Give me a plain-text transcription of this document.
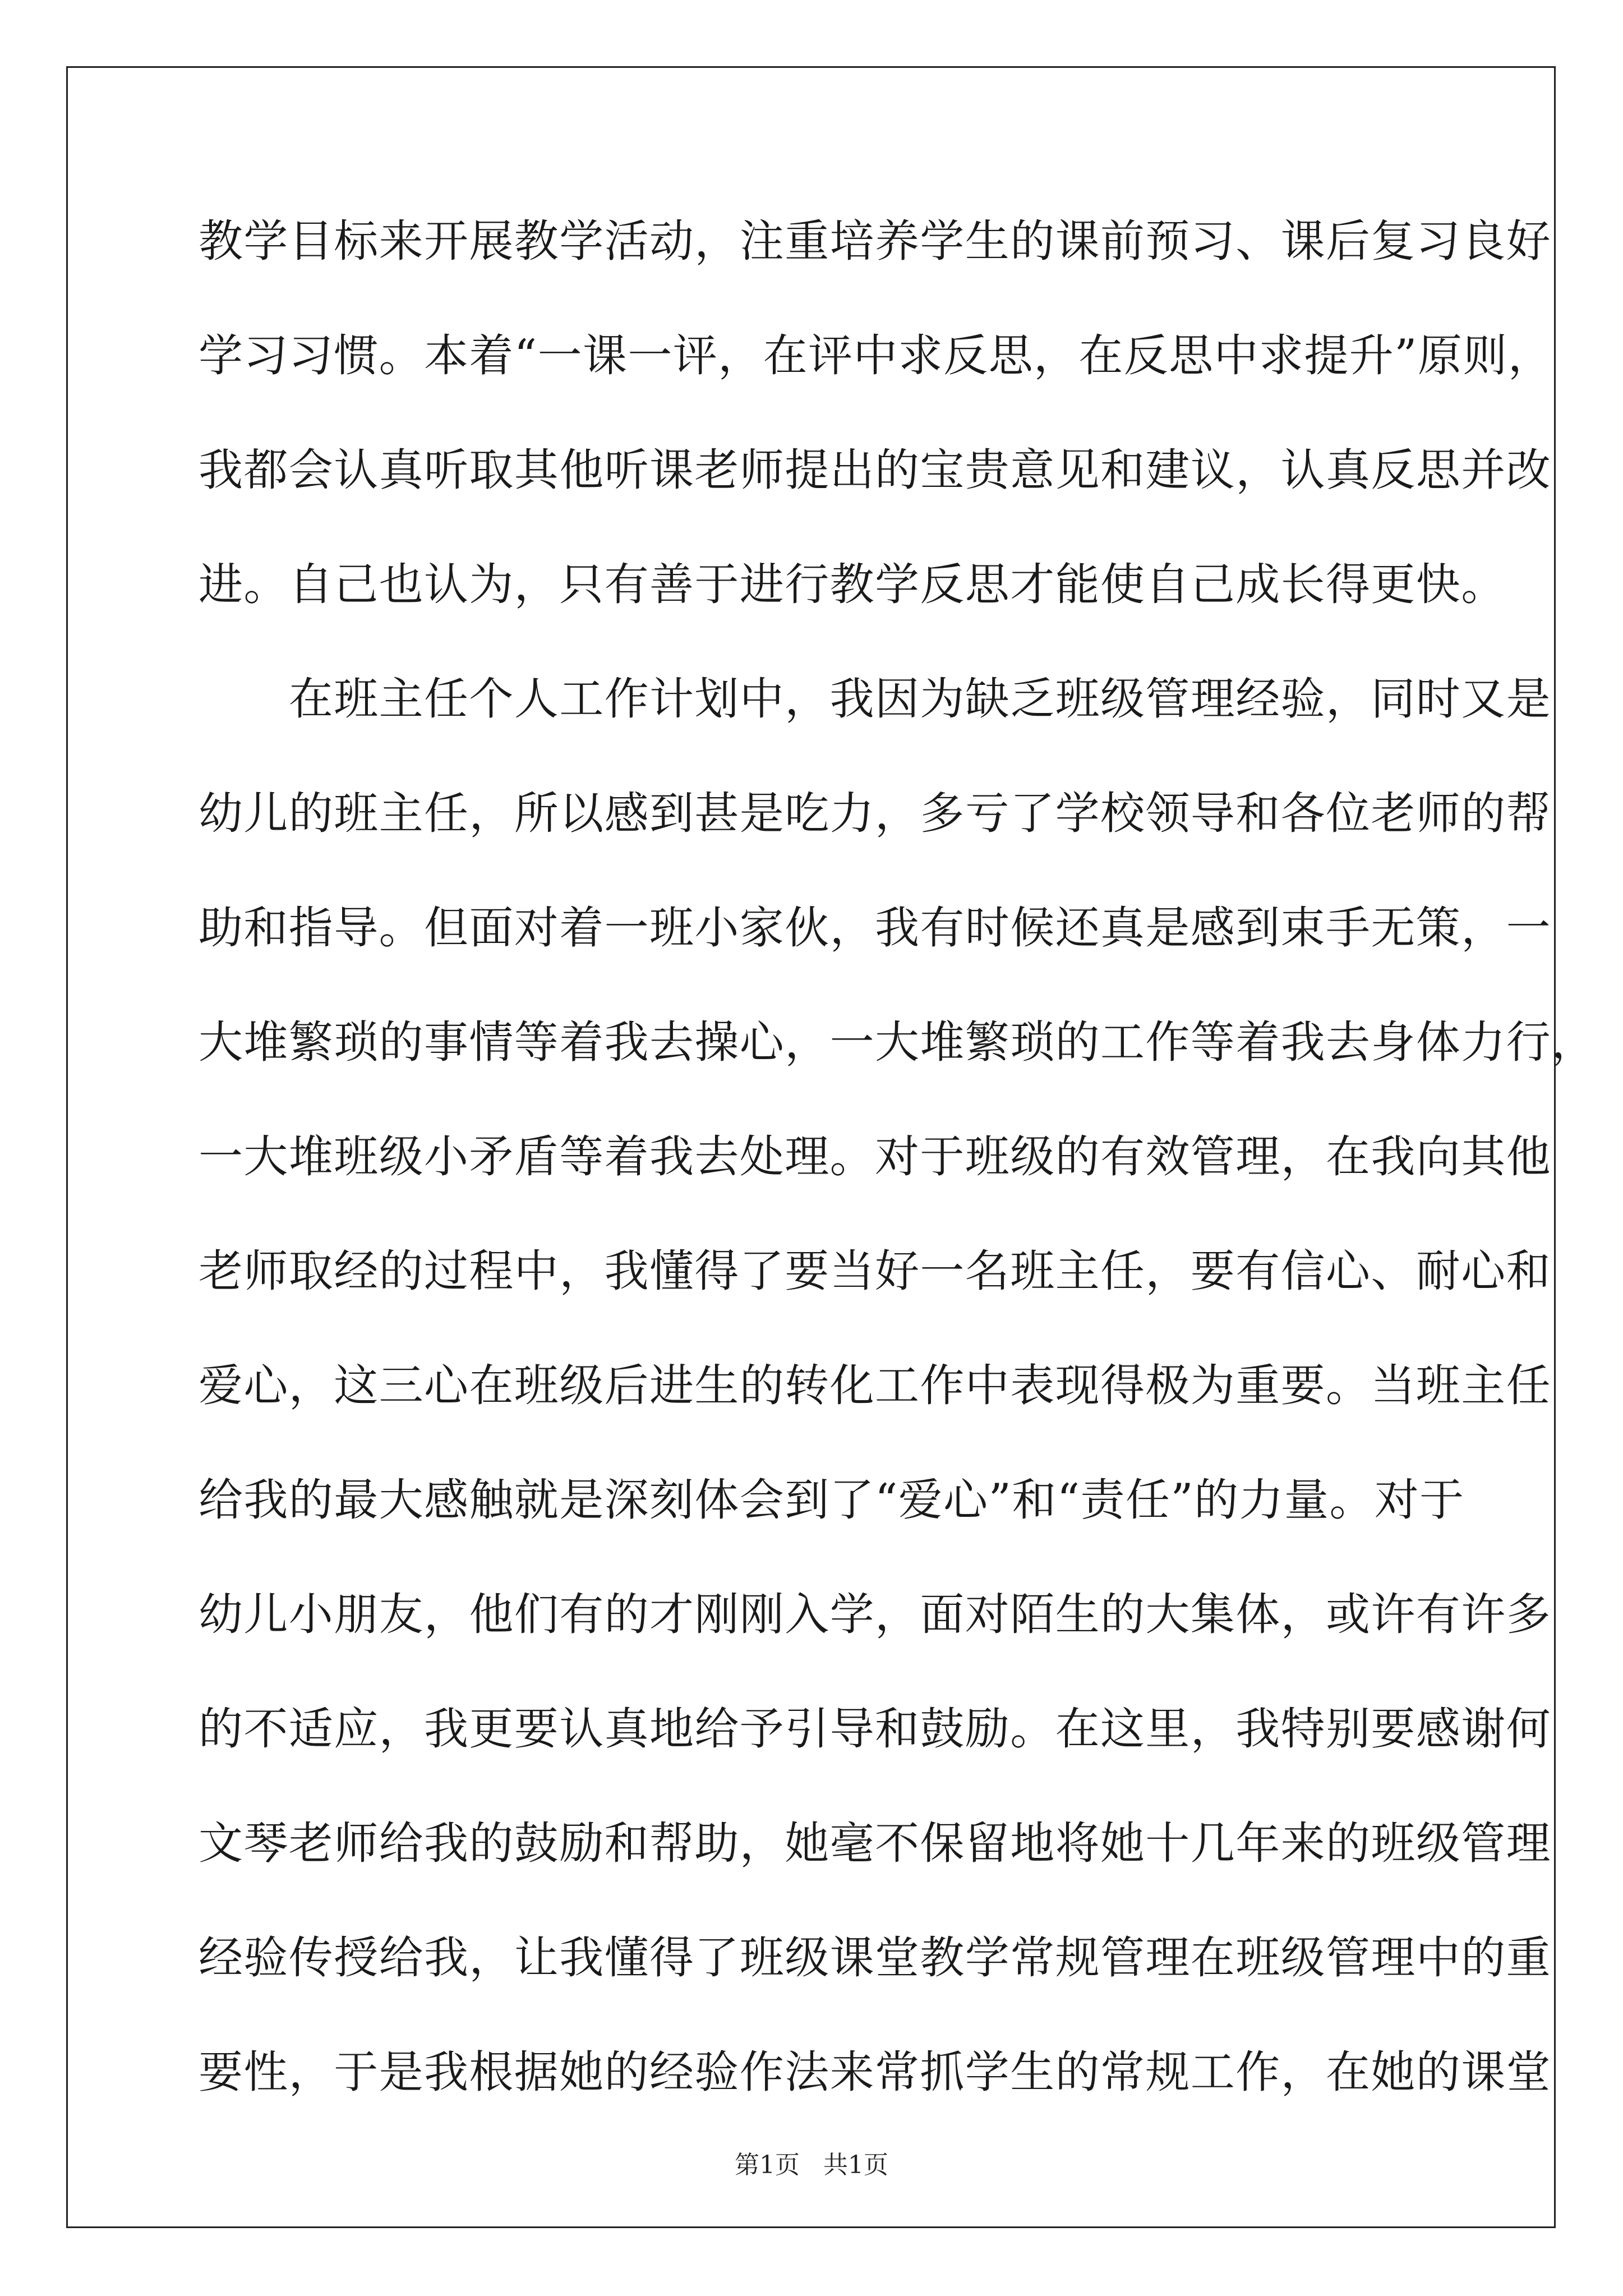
教学目标来开展教学活动，注重培养学生的课前预习、课后复习良好
学习习惯。本着“一课一评，在评中求反思，在反思中求提升”原则，
我都会认真听取其他听课老师提出的宝贵意见和建议，认真反思并改
进。自己也认为，只有善于进行教学反思才能使自己成长得更快。
　　在班主任个人工作计划中，我因为缺乏班级管理经验，同时又是
幼儿的班主任，所以感到甚是吃力，多亏了学校领导和各位老师的帮
助和指导。但面对着一班小家伙，我有时候还真是感到束手无策，一
大堆繁琐的事情等着我去操心，一大堆繁琐的工作等着我去身体力行，
一大堆班级小矛盾等着我去处理。对于班级的有效管理，在我向其他
老师取经的过程中，我懂得了要当好一名班主任，要有信心、耐心和
爱心，这三心在班级后进生的转化工作中表现得极为重要。当班主任
给我的最大感触就是深刻体会到了“爱心”和“责任”的力量。对于
幼儿小朋友，他们有的才刚刚入学，面对陌生的大集体，或许有许多
的不适应，我更要认真地给予引导和鼓励。在这里，我特别要感谢何
文琴老师给我的鼓励和帮助，她毫不保留地将她十几年来的班级管理
经验传授给我，让我懂得了班级课堂教学常规管理在班级管理中的重
要性，于是我根据她的经验作法来常抓学生的常规工作，在她的课堂
第1页 共1页
